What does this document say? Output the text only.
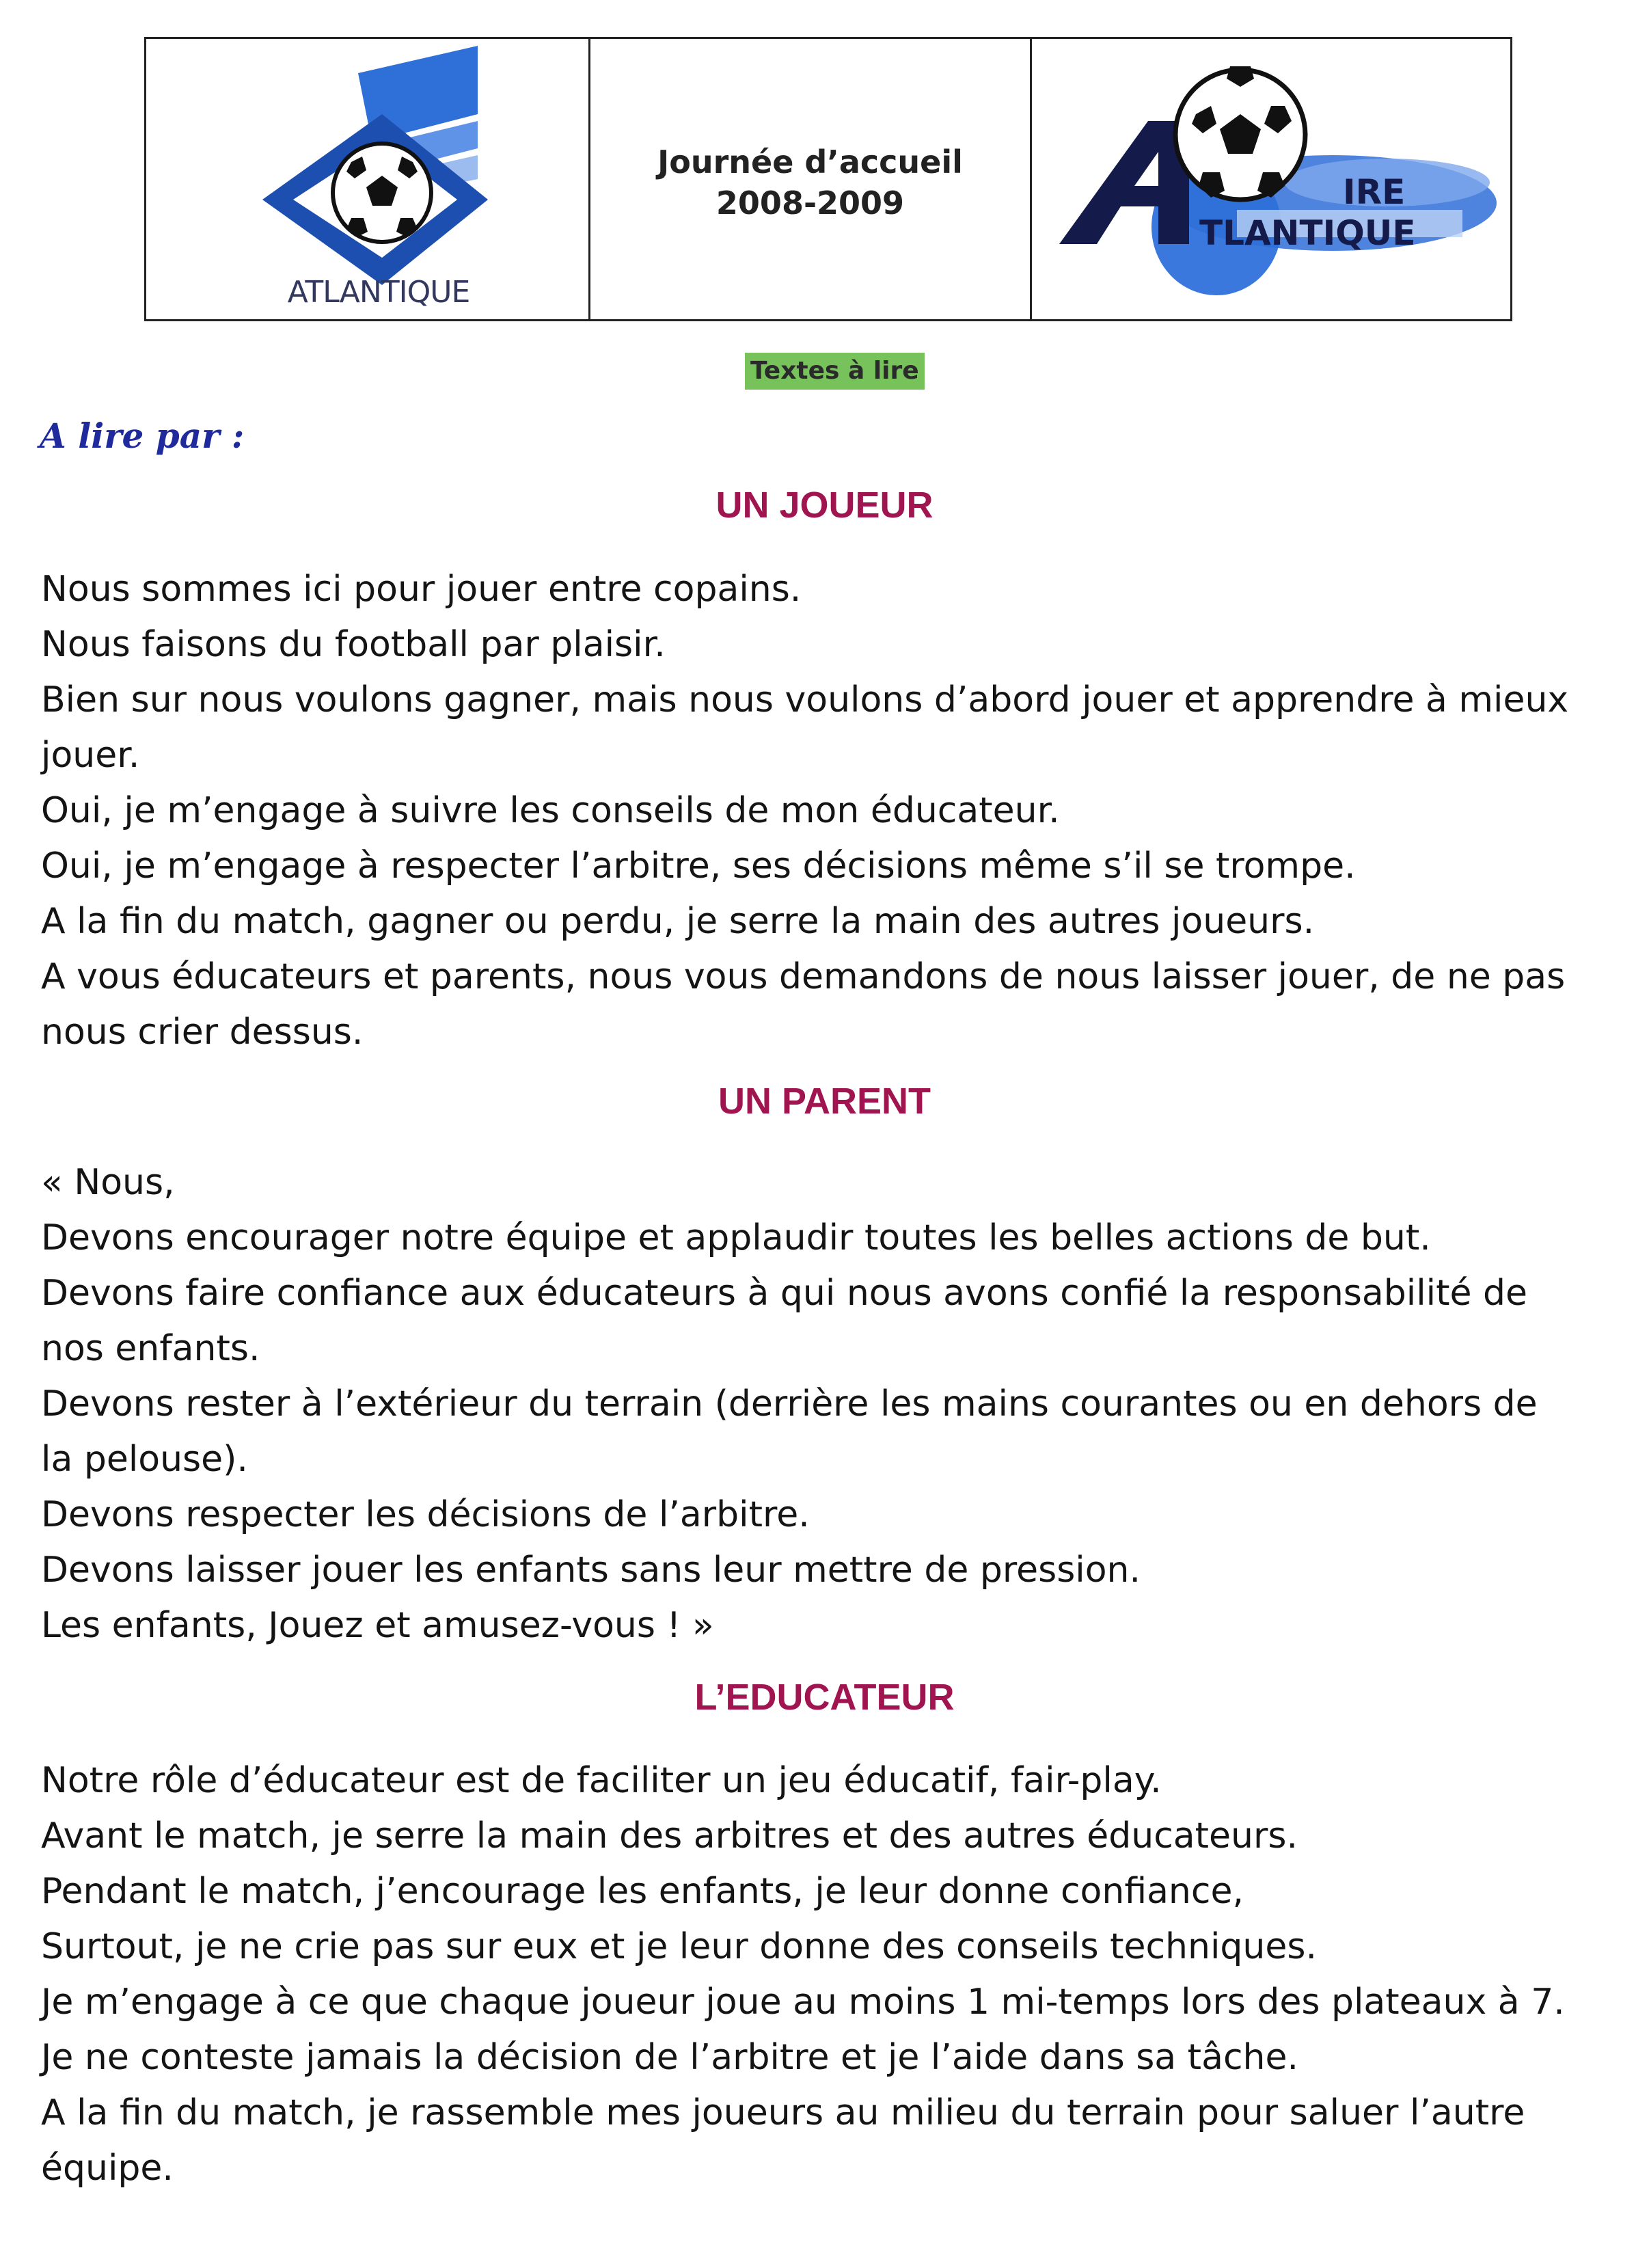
ATLANTIQUE
Journée d’accueil
2008-2009	IRE
TLANTIQUE
Textes à lire
A lire par :
UN JOUEUR
Nous sommes ici pour jouer entre copains.
Nous faisons du football par plaisir.
Bien sur nous voulons gagner, mais nous voulons d’abord jouer et apprendre à mieux
jouer.
Oui, je m’engage à suivre les conseils de mon éducateur.
Oui, je m’engage à respecter l’arbitre, ses décisions même s’il se trompe.
A la fin du match, gagner ou perdu, je serre la main des autres joueurs.
A vous éducateurs et parents, nous vous demandons de nous laisser jouer, de ne pas
nous crier dessus.
UN PARENT
« Nous,
Devons encourager notre équipe et applaudir toutes les belles actions de but.
Devons faire confiance aux éducateurs à qui nous avons confié la responsabilité de
nos enfants.
Devons rester à l’extérieur du terrain (derrière les mains courantes ou en dehors de
la pelouse).
Devons respecter les décisions de l’arbitre.
Devons laisser jouer les enfants sans leur mettre de pression.
Les enfants, Jouez et amusez-vous ! »
L’EDUCATEUR
Notre rôle d’éducateur est de faciliter un jeu éducatif, fair-play.
Avant le match, je serre la main des arbitres et des autres éducateurs.
Pendant le match, j’encourage les enfants, je leur donne confiance,
Surtout, je ne crie pas sur eux et je leur donne des conseils techniques.
Je m’engage à ce que chaque joueur joue au moins 1 mi-temps lors des plateaux à 7.
Je ne conteste jamais la décision de l’arbitre et je l’aide dans sa tâche.
A la fin du match, je rassemble mes joueurs au milieu du terrain pour saluer l’autre
équipe.
